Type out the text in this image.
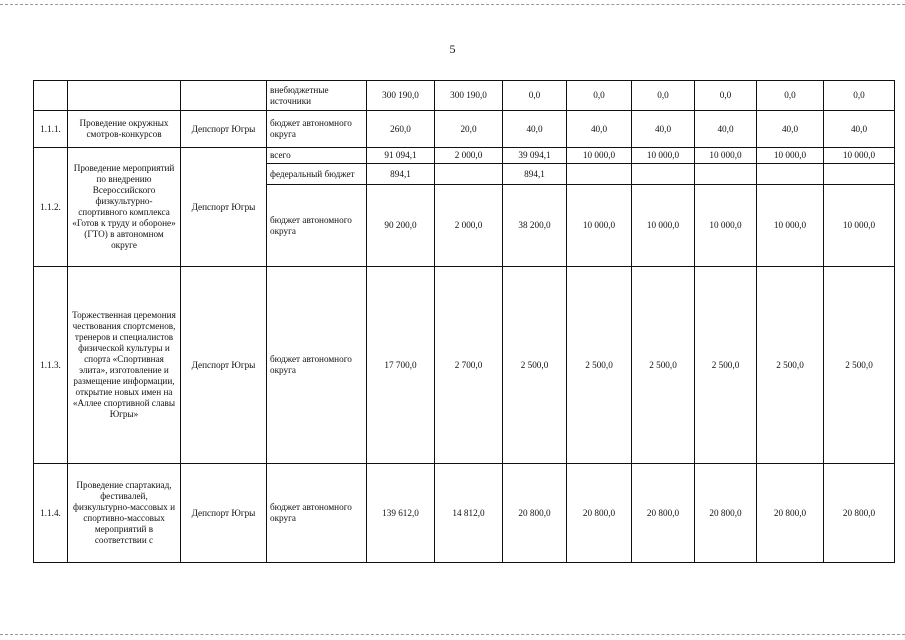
5
			внебюджетные источники	300 190,0	300 190,0	0,0	0,0	0,0	0,0	0,0	0,0
1.1.1.	Проведение окружных смотров-конкурсов	Депспорт Югры	бюджет автономного округа	260,0	20,0	40,0	40,0	40,0	40,0	40,0	40,0
1.1.2.	Проведение мероприятий по внедрению Всероссийского физкультурно-спортивного комплекса «Готов к труду и обороне» (ГТО) в автономном округе	Депспорт Югры	всего	91 094,1	2 000,0	39 094,1	10 000,0	10 000,0	10 000,0	10 000,0	10 000,0
			федеральный бюджет	894,1		894,1					
			бюджет автономного округа	90 200,0	2 000,0	38 200,0	10 000,0	10 000,0	10 000,0	10 000,0	10 000,0
1.1.3.	Торжественная церемония чествования спортсменов, тренеров и специалистов физической культуры и спорта «Спортивная элита», изготовление и размещение информации, открытие новых имен на «Аллее спортивной славы Югры»	Депспорт Югры	бюджет автономного округа	17 700,0	2 700,0	2 500,0	2 500,0	2 500,0	2 500,0	2 500,0	2 500,0
1.1.4.	Проведение спартакиад, фестивалей, физкультурно-массовых и спортивно-массовых мероприятий в соответствии с	Депспорт Югры	бюджет автономного округа	139 612,0	14 812,0	20 800,0	20 800,0	20 800,0	20 800,0	20 800,0	20 800,0
